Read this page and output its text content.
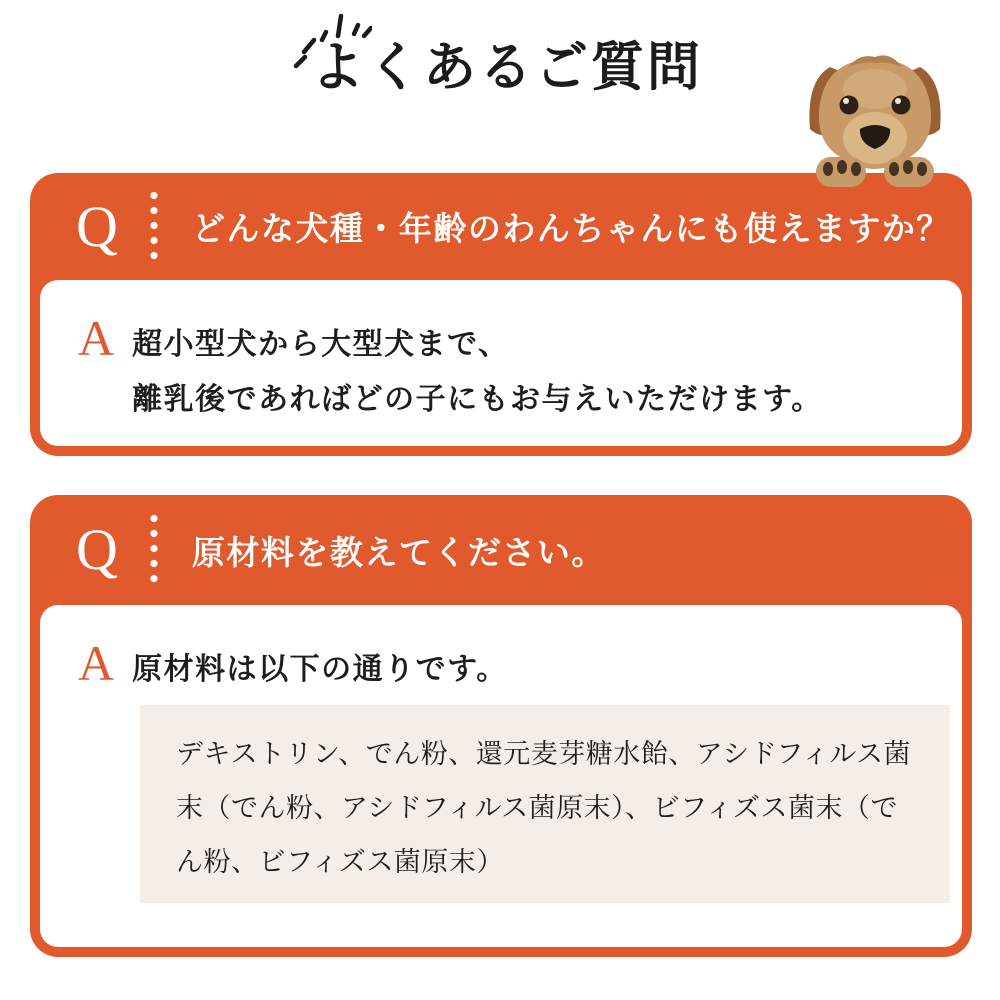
よくあるご質問
Q どんな犬種・年齢のわんちゃんにも使えますか？
A 超小型犬から大型犬まで、
離乳後であればどの子にもお与えいただけます。
Q 原材料を教えてください。
A 原材料は以下の通りです。
デキストリン、でん粉、還元麦芽糖水飴、アシドフィルス菌末（でん粉、アシドフィルス菌原末）、ビフィズス菌末（でん粉、ビフィズス菌原末）
